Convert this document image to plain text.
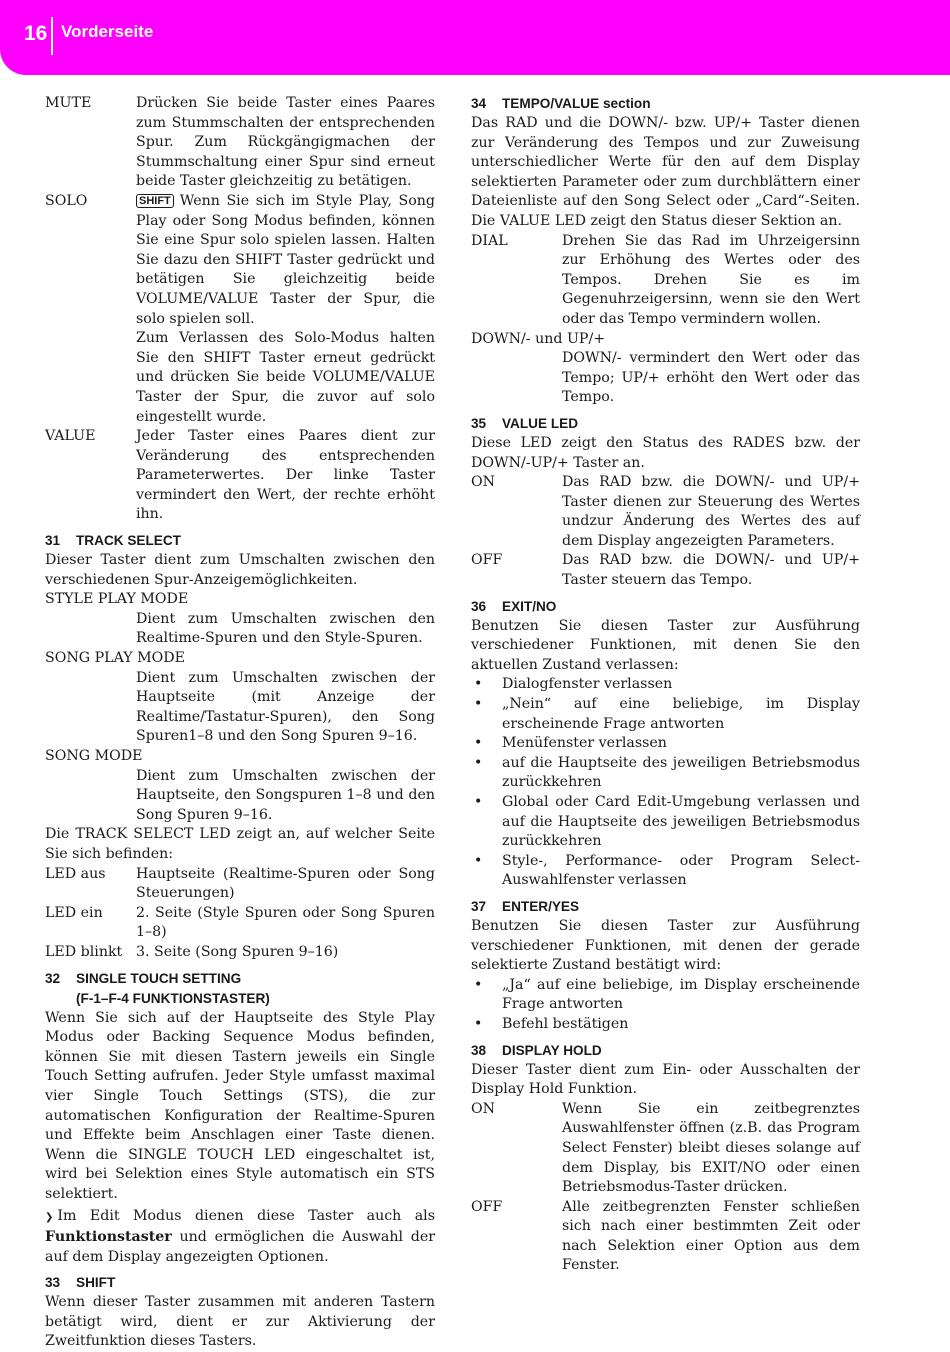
16 Vorderseite
MUTE	Drücken Sie beide Taster eines Paares zum Stummschalten der entsprechenden Spur. Zum Rückgängigmachen der Stummschaltung einer Spur sind erneut beide Taster gleichzeitig zu betätigen.
SOLO	SHIFT Wenn Sie sich im Style Play, Song Play oder Song Modus befinden, können Sie eine Spur solo spielen lassen. Halten Sie dazu den SHIFT Taster gedrückt und betätigen Sie gleichzeitig beide VOLUME/VALUE Taster der Spur, die solo spielen soll.
Zum Verlassen des Solo-Modus halten Sie den SHIFT Taster erneut gedrückt und drücken Sie beide VOLUME/VALUE Taster der Spur, die zuvor auf solo eingestellt wurde.
VALUE	Jeder Taster eines Paares dient zur Veränderung des entsprechenden Parameterwertes. Der linke Taster vermindert den Wert, der rechte erhöht ihn.
31 TRACK SELECT
Dieser Taster dient zum Umschalten zwischen den verschiedenen Spur-Anzeigemöglichkeiten.
STYLE PLAY MODE
Dient zum Umschalten zwischen den Realtime-Spuren und den Style-Spuren.
SONG PLAY MODE
Dient zum Umschalten zwischen der Hauptseite (mit Anzeige der Realtime/Tastatur-Spuren), den Song Spuren1–8 und den Song Spuren 9–16.
SONG MODE
Dient zum Umschalten zwischen der Hauptseite, den Songspuren 1–8 und den Song Spuren 9–16.
Die TRACK SELECT LED zeigt an, auf welcher Seite Sie sich befinden:
LED aus	Hauptseite (Realtime-Spuren oder Song Steuerungen)
LED ein	2. Seite (Style Spuren oder Song Spuren 1–8)
LED blinkt 3. Seite (Song Spuren 9–16)
32 SINGLE TOUCH SETTING
(F-1–F-4 FUNKTIONSTASTER)
Wenn Sie sich auf der Hauptseite des Style Play Modus oder Backing Sequence Modus befinden, können Sie mit diesen Tastern jeweils ein Single Touch Setting aufrufen. Jeder Style umfasst maximal vier Single Touch Settings (STS), die zur automatischen Konfiguration der Realtime-Spuren und Effekte beim Anschlagen einer Taste dienen. Wenn die SINGLE TOUCH LED eingeschaltet ist, wird bei Selektion eines Style automatisch ein STS selektiert.
❯ Im Edit Modus dienen diese Taster auch als Funktionstaster und ermöglichen die Auswahl der auf dem Display angezeigten Optionen.
33 SHIFT
Wenn dieser Taster zusammen mit anderen Tastern betätigt wird, dient er zur Aktivierung der Zweitfunktion dieses Tasters.
34 TEMPO/VALUE section
Das RAD und die DOWN/- bzw. UP/+ Taster dienen zur Veränderung des Tempos und zur Zuweisung unterschiedlicher Werte für den auf dem Display selektierten Parameter oder zum durchblättern einer Dateienliste auf den Song Select oder „Card“-Seiten. Die VALUE LED zeigt den Status dieser Sektion an.
DIAL	Drehen Sie das Rad im Uhrzeigersinn zur Erhöhung des Wertes oder des Tempos. Drehen Sie es im Gegenuhrzeigersinn, wenn sie den Wert oder das Tempo vermindern wollen.
DOWN/- und UP/+
DOWN/- vermindert den Wert oder das Tempo; UP/+ erhöht den Wert oder das Tempo.
35 VALUE LED
Diese LED zeigt den Status des RADES bzw. der DOWN/-UP/+ Taster an.
ON	Das RAD bzw. die DOWN/- und UP/+ Taster dienen zur Steuerung des Wertes undzur Änderung des Wertes des auf dem Display angezeigten Parameters.
OFF	Das RAD bzw. die DOWN/- und UP/+ Taster steuern das Tempo.
36 EXIT/NO
Benutzen Sie diesen Taster zur Ausführung verschiedener Funktionen, mit denen Sie den aktuellen Zustand verlassen:
•	Dialogfenster verlassen
•	„Nein“ auf eine beliebige, im Display erscheinende Frage antworten
•	Menüfenster verlassen
•	auf die Hauptseite des jeweiligen Betriebsmodus zurückkehren
•	Global oder Card Edit-Umgebung verlassen und auf die Hauptseite des jeweiligen Betriebsmodus zurückkehren
•	Style-, Performance- oder Program Select-Auswahlfenster verlassen
37 ENTER/YES
Benutzen Sie diesen Taster zur Ausführung verschiedener Funktionen, mit denen der gerade selektierte Zustand bestätigt wird:
•	„Ja“ auf eine beliebige, im Display erscheinende Frage antworten
•	Befehl bestätigen
38 DISPLAY HOLD
Dieser Taster dient zum Ein- oder Ausschalten der Display Hold Funktion.
ON	Wenn Sie ein zeitbegrenztes Auswahlfenster öffnen (z.B. das Program Select Fenster) bleibt dieses solange auf dem Display, bis EXIT/NO oder einen Betriebsmodus-Taster drücken.
OFF	Alle zeitbegrenzten Fenster schließen sich nach einer bestimmten Zeit oder nach Selektion einer Option aus dem Fenster.
